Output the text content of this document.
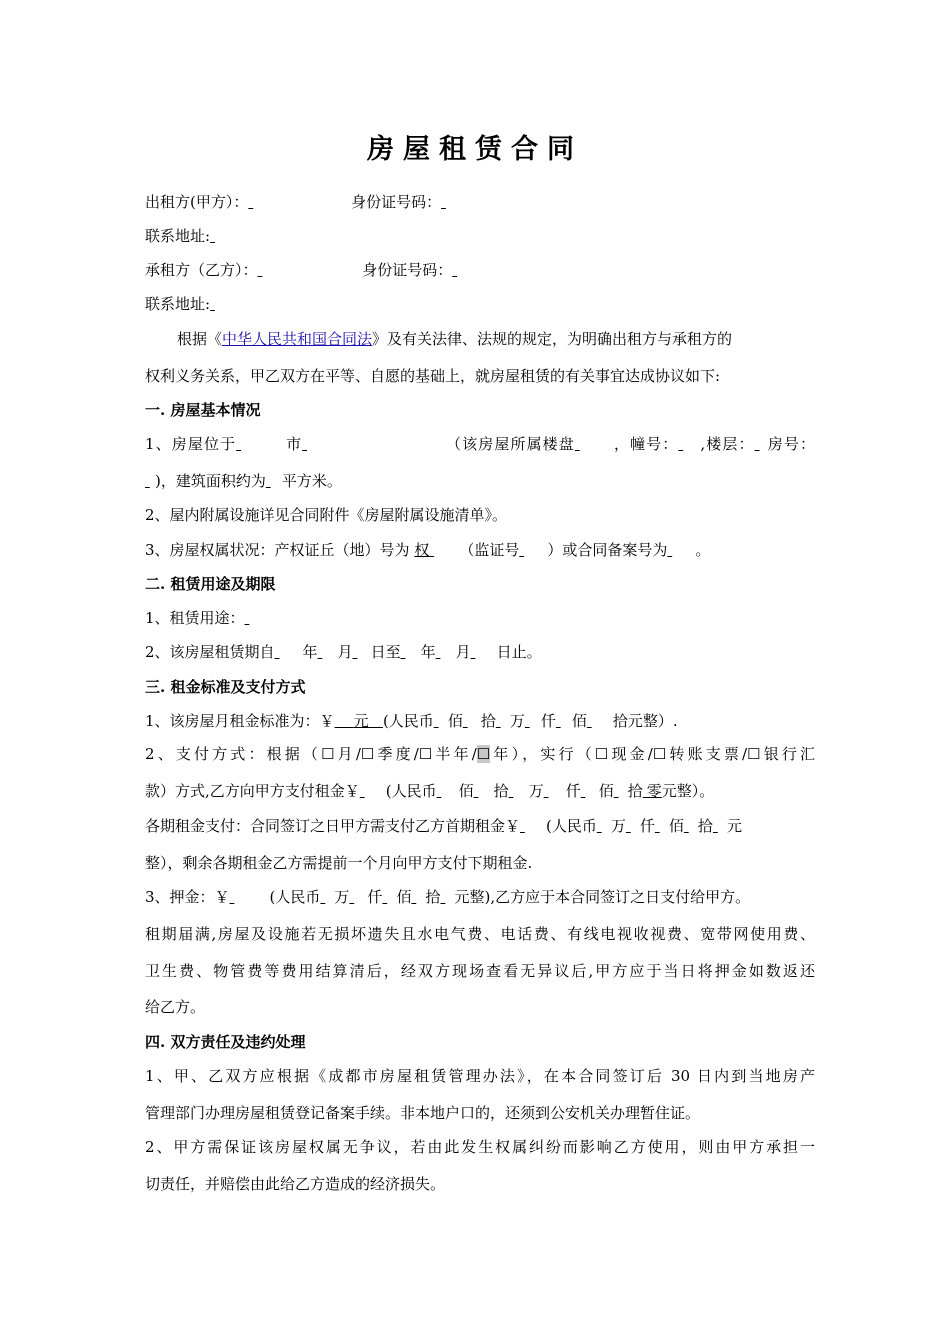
房屋租赁合同
出租方(甲方）：	身份证号码：
联系地址:
承租方（乙方）：	身份证号码：
联系地址:
根据《中华人民共和国合同法》及有关法律、法规的规定，为明确出租方与承租方的
权利义务关系，甲乙双方在平等、自愿的基础上，就房屋租赁的有关事宜达成协议如下:
一. 房屋基本情况
1、房屋位于	市	（该房屋所属楼盘	，幢号： ,楼层： 房号：
)，建筑面积约为 平方米。
2、屋内附属设施详见合同附件《房屋附属设施清单》。
3、房屋权属状况：产权证丘（地）号为 权 （监证号 ）或合同备案号为 。
二. 租赁用途及期限
1、租赁用途：
2、该房屋租赁期自 年 月 日至 年 月 日止。
三. 租金标准及支付方式
1、该房屋月租金标准为：￥ 元 (人民币 佰 拾 万 仟 佰 拾元整）.
2、支付方式：根据（☐月/☐季度/☐半年/☐年），实行（☐现金/☐转账支票/☐银行汇
款）方式,乙方向甲方支付租金￥ (人民币 佰 拾 万 仟 佰 拾 零元整）。
各期租金支付：合同签订之日甲方需支付乙方首期租金￥ (人民币 万 仟 佰 拾 元
整），剩余各期租金乙方需提前一个月向甲方支付下期租金.
3、押金：￥	(人民币 万 仟 佰 拾 元整),乙方应于本合同签订之日支付给甲方。
租期届满,房屋及设施若无损坏遗失且水电气费、电话费、有线电视收视费、宽带网使用费、
卫生费、物管费等费用结算清后，经双方现场查看无异议后,甲方应于当日将押金如数返还
给乙方。
四. 双方责任及违约处理
1、甲、乙双方应根据《成都市房屋租赁管理办法》，在本合同签订后 30 日内到当地房产
管理部门办理房屋租赁登记备案手续。非本地户口的，还须到公安机关办理暂住证。
2、甲方需保证该房屋权属无争议，若由此发生权属纠纷而影响乙方使用，则由甲方承担一
切责任，并赔偿由此给乙方造成的经济损失。
